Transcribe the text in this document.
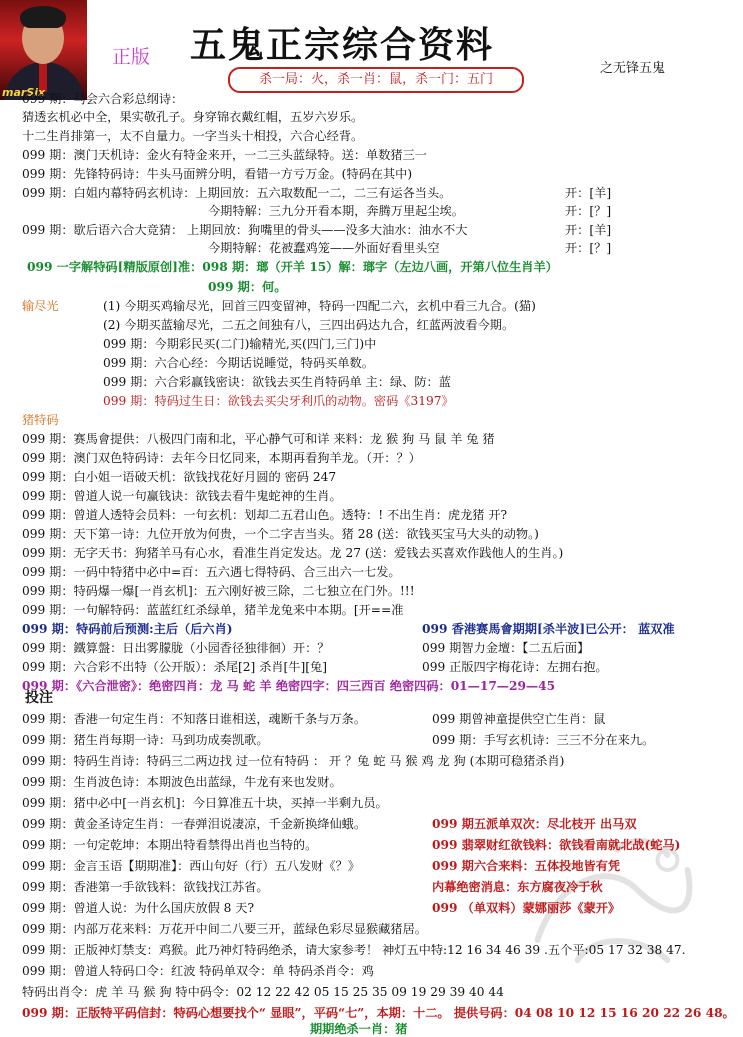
marSix
正版 五鬼正宗综合资料
之无锋五鬼
杀一局：火，杀一肖：鼠，杀一门：五门
099 期：马会六合彩总纲诗：
猜透玄机必中全，果实敬孔子。身穿锦衣戴红帽，五岁六岁乐。
十二生肖排第一，太不自量力。一字当头十相投，六合心经背。
099 期：澳门天机诗：金火有特金来开，一二三头蓝绿特。送：单数猪三一
099 期：先锋特码诗：牛头马面辨分明，看错一方亏万金。(特码在其中)
099 期：白姐内幕特码玄机诗：上期回放：五六取数配一二，二三有运各当头。	开：[羊]
今期特解：三九分开看本期，奔腾万里起尘埃。	开：[？]
099 期：歇后语六合大竞猜： 上期回放：狗嘴里的骨头——没多大油水：油水不大	开：[羊]
今期特解：花被蠢鸡笼——外面好看里头空	开：[？]
099 一字解特码[精版原创]准：098 期：瑯（开羊 15）解：瑯字（左边八画，开第八位生肖羊）
099 期：何。
输尽光	(1) 今期买鸡输尽光，回首三四变留神，特码一四配二六，玄机中看三九合。(猫)
(2) 今期买蓝输尽光，二五之间独有八，三四出码达九合，红蓝两波看今期。
099 期：今期彩民买(二门)输精光,买(四门,三门)中
099 期：六合心经：今期话说睡觉，特码买单数。
099 期：六合彩赢钱密诀：欲钱去买生肖特码单 主：绿、防：蓝
099 期：特码过生日：欲钱去买尖牙利爪的动物。密码《3197》
猪特码
099 期：赛馬會提供：八极四门南和北，平心静气可和详 来料：龙 猴 狗 马 鼠 羊 兔 猪
099 期：澳门双色特码诗：去年今日忆同来，本期再看狗羊龙。（开：？）
099 期：白小姐一语破天机：欲钱找花好月圆的 密码 247
099 期：曾道人说一句赢钱诀：欲钱去看牛鬼蛇神的生肖。
099 期：曾道人透特会员料：一句玄机：划却二五君山色。透特：! 不出生肖：虎龙猪 开?
099 期：天下第一诗：九位开放为何贵，一个二字吉当头。猪 28 (送：欲钱买宝马大头的动物。)
099 期：无字天书：狗猪羊马有心水，看准生肖定发达。龙 27 (送：爱钱去买喜欢作践他人的生肖。)
099 期：一码中特猪中必中=百：五六遇七得特码、合三出六一七发。
099 期：特码爆一爆[一肖玄机]：五六刚好被三除，二七独立在门外。!!!
099 期：一句解特码：蓝蓝红红杀绿单，猪羊龙兔来中本期。[开==准
099 期：特码前后预测:主后（后六肖)	099 香港赛馬會期期[杀半波]已公开： 蓝双准
099 期：鐵算盤：日出雾朦胧（小园香径独徘徊）开：？	099 期智力金壇：【二五后面】
099 期：六合彩不出特（公开版）：杀尾[2] 杀肖[牛][兔]	099 正版四字梅花诗：左拥右抱。
099 期：《六合泄密》：绝密四肖：龙 马 蛇 羊 绝密四字：四三西百 绝密四码：01—17—29—45
投注
099 期：香港一句定生肖：不知落日谁相送，魂断千条与万条。	099 期曾神童提供空亡生肖：鼠
099 期：猪生肖每期一诗：马到功成奏凯歌。	099 期：手写玄机诗：三三不分在来九。
099 期：特码生肖诗：特码三二两边找 过一位有特码 ： 开 ？兔 蛇 马 猴 鸡 龙 狗 (本期可稳猪杀肖)
099 期：生肖波色诗：本期波色出蓝绿，牛龙有来也发财。
099 期：猪中必中[一肖玄机]：今日算准五十块，买掉一半剩九员。
099 期：黄金圣诗定生肖：一春弹泪说凄凉，千金新换绛仙蛾。	099 期五派单双次：尽北枝开 出马双
099 期：一句定乾坤：本期出特看禁得出肖也当特的。	099 翡翠财红欲钱料：欲钱看南就北战(蛇马)
099 期：金言玉语【期期准】：西山句好（行）五八发财《？》	099 期六合来料：五体投地皆有凭
099 期：香港第一手欲钱料：欲钱找江苏省。	内幕绝密消息：东方腐夜冷于秋
099 期：曾道人说：为什么国庆放假 8 天?	099 （单双料）蒙娜丽莎《蒙开》
099 期：内部万花来料：万花开中间二八要三开，蓝绿色彩尽显猴藏猪居。
099 期：正版神灯禁支：鸡猴。此乃神灯特码绝杀，请大家参考！ 神灯五中特:12 16 34 46 39 .五个平:05 17 32 38 47.
099 期：曾道人特码口令：红波 特码单双令：单 特码杀肖令：鸡
特码出肖令：虎 羊 马 猴 狗 特中码令：02 12 22 42 05 15 25 35 09 19 29 39 40 44
099 期：正版特平码信封：特码心想要找个“ 显眼”，平码“七”，本期：十二。 提供号码：04 08 10 12 15 16 20 22 26 48。
期期绝杀一肖：猪
